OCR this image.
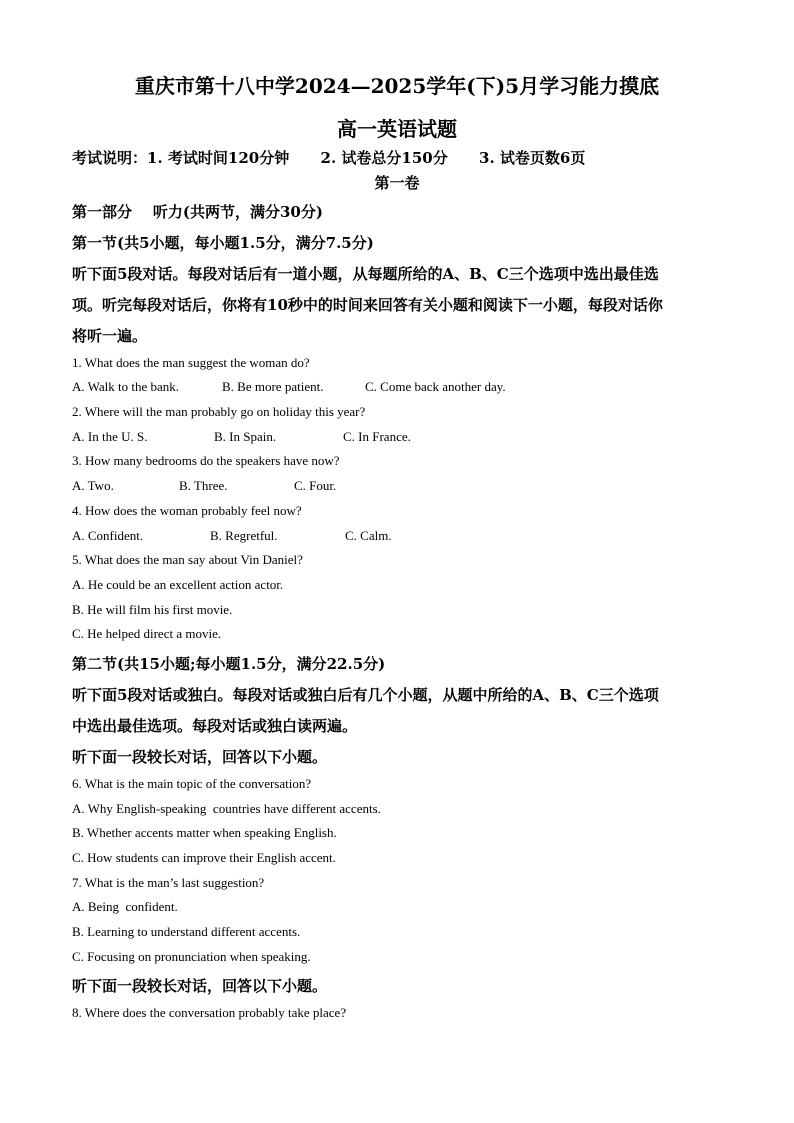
重庆市第十八中学2024—2025学年(下)5月学习能力摸底
高一英语试题
考试说明：1. 考试时间120分钟      2. 试卷总分150分      3. 试卷页数6页
第一卷
第一部分    听力(共两节，满分30分)
第一节(共5小题，每小题1.5分，满分7.5分)
听下面5段对话。每段对话后有一道小题，从每题所给的A、B、C三个选项中选出最佳选
项。听完每段对话后，你将有10秒中的时间来回答有关小题和阅读下一小题，每段对话你
将听一遍。
1. What does the man suggest the woman do?
A. Walk to the bank.	B. Be more patient.	C. Come back another day.
2. Where will the man probably go on holiday this year?
A. In the U. S.	B. In Spain.	C. In France.
3. How many bedrooms do the speakers have now?
A. Two.	B. Three.	C. Four.
4. How does the woman probably feel now?
A. Confident.	B. Regretful.	C. Calm.
5. What does the man say about Vin Daniel?
A. He could be an excellent action actor.
B. He will film his first movie.
C. He helped direct a movie.
第二节(共15小题;每小题1.5分，满分22.5分)
听下面5段对话或独白。每段对话或独白后有几个小题，从题中所给的A、B、C三个选项
中选出最佳选项。每段对话或独白读两遍。
听下面一段较长对话，回答以下小题。
6. What is the main topic of the conversation?
A. Why English-speaking  countries have different accents.
B. Whether accents matter when speaking English.
C. How students can improve their English accent.
7. What is the man’s last suggestion?
A. Being  confident.
B. Learning to understand different accents.
C. Focusing on pronunciation when speaking.
听下面一段较长对话，回答以下小题。
8. Where does the conversation probably take place?
